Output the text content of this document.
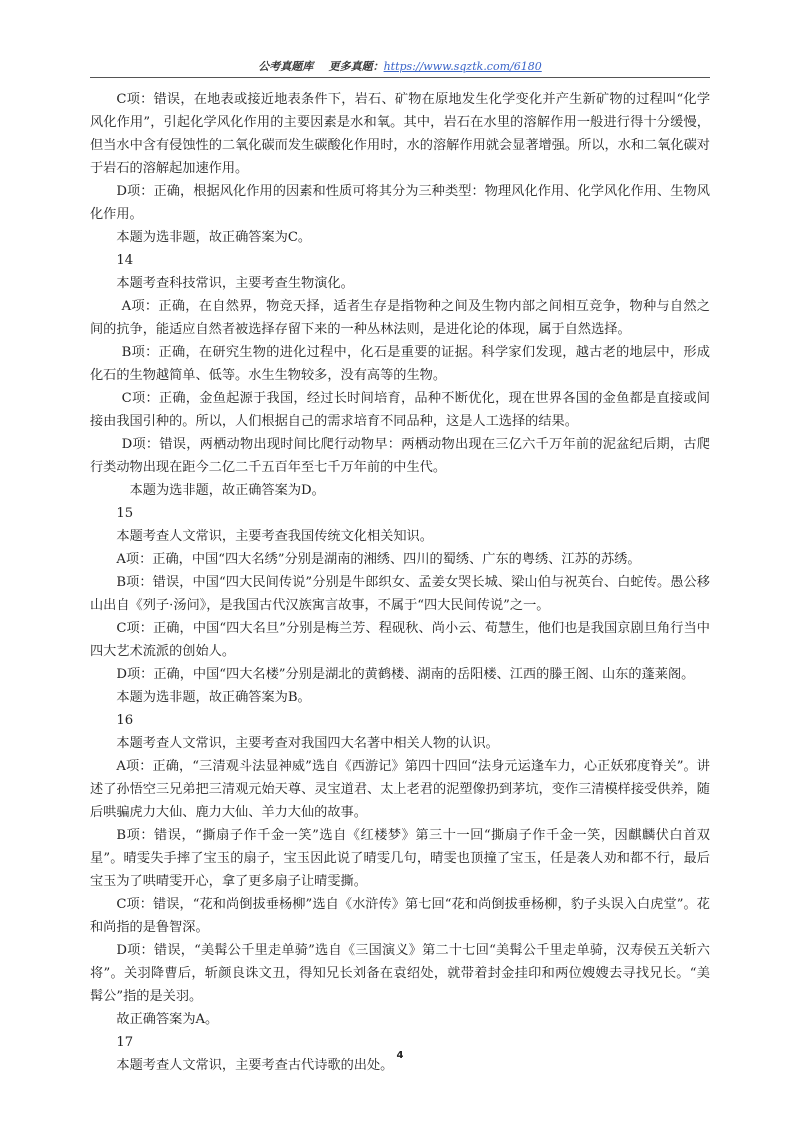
公考真题库 更多真题：https://www.sqztk.com/6180

C项：错误，在地表或接近地表条件下，岩石、矿物在原地发生化学变化并产生新矿物的过程叫“化学风化作用”，引起化学风化作用的主要因素是水和氧。其中，岩石在水里的溶解作用一般进行得十分缓慢，但当水中含有侵蚀性的二氧化碳而发生碳酸化作用时，水的溶解作用就会显著增强。所以，水和二氧化碳对于岩石的溶解起加速作用。

D项：正确，根据风化作用的因素和性质可将其分为三种类型：物理风化作用、化学风化作用、生物风化作用。

本题为选非题，故正确答案为C。

14

本题考查科技常识，主要考查生物演化。

A项：正确，在自然界，物竞天择，适者生存是指物种之间及生物内部之间相互竞争，物种与自然之间的抗争，能适应自然者被选择存留下来的一种丛林法则，是进化论的体现，属于自然选择。

B项：正确，在研究生物的进化过程中，化石是重要的证据。科学家们发现，越古老的地层中，形成化石的生物越简单、低等。水生生物较多，没有高等的生物。

C项：正确，金鱼起源于我国，经过长时间培育，品种不断优化，现在世界各国的金鱼都是直接或间接由我国引种的。所以，人们根据自己的需求培育不同品种，这是人工选择的结果。

D项：错误，两栖动物出现时间比爬行动物早：两栖动物出现在三亿六千万年前的泥盆纪后期，古爬行类动物出现在距今二亿二千五百年至七千万年前的中生代。

本题为选非题，故正确答案为D。

15

本题考查人文常识，主要考查我国传统文化相关知识。

A项：正确，中国“四大名绣”分别是湖南的湘绣、四川的蜀绣、广东的粤绣、江苏的苏绣。

B项：错误，中国“四大民间传说”分别是牛郎织女、孟姜女哭长城、梁山伯与祝英台、白蛇传。愚公移山出自《列子·汤问》，是我国古代汉族寓言故事，不属于“四大民间传说”之一。

C项：正确，中国“四大名旦”分别是梅兰芳、程砚秋、尚小云、荀慧生，他们也是我国京剧旦角行当中四大艺术流派的创始人。

D项：正确，中国“四大名楼”分别是湖北的黄鹤楼、湖南的岳阳楼、江西的滕王阁、山东的蓬莱阁。

本题为选非题，故正确答案为B。

16

本题考查人文常识，主要考查对我国四大名著中相关人物的认识。

A项：正确，“三清观斗法显神威”选自《西游记》第四十四回“法身元运逢车力，心正妖邪度脊关”。讲述了孙悟空三兄弟把三清观元始天尊、灵宝道君、太上老君的泥塑像扔到茅坑，变作三清模样接受供养，随后哄骗虎力大仙、鹿力大仙、羊力大仙的故事。

B项：错误，“撕扇子作千金一笑”选自《红楼梦》第三十一回“撕扇子作千金一笑，因麒麟伏白首双星”。晴雯失手摔了宝玉的扇子，宝玉因此说了晴雯几句，晴雯也顶撞了宝玉，任是袭人劝和都不行，最后宝玉为了哄晴雯开心，拿了更多扇子让晴雯撕。

C项：错误，“花和尚倒拔垂杨柳”选自《水浒传》第七回“花和尚倒拔垂杨柳，豹子头误入白虎堂”。花和尚指的是鲁智深。

D项：错误，“美髯公千里走单骑”选自《三国演义》第二十七回“美髯公千里走单骑，汉寿侯五关斩六将”。关羽降曹后，斩颜良诛文丑，得知兄长刘备在袁绍处，就带着封金挂印和两位嫂嫂去寻找兄长。“美髯公”指的是关羽。

故正确答案为A。

17

本题考查人文常识，主要考查古代诗歌的出处。

4
